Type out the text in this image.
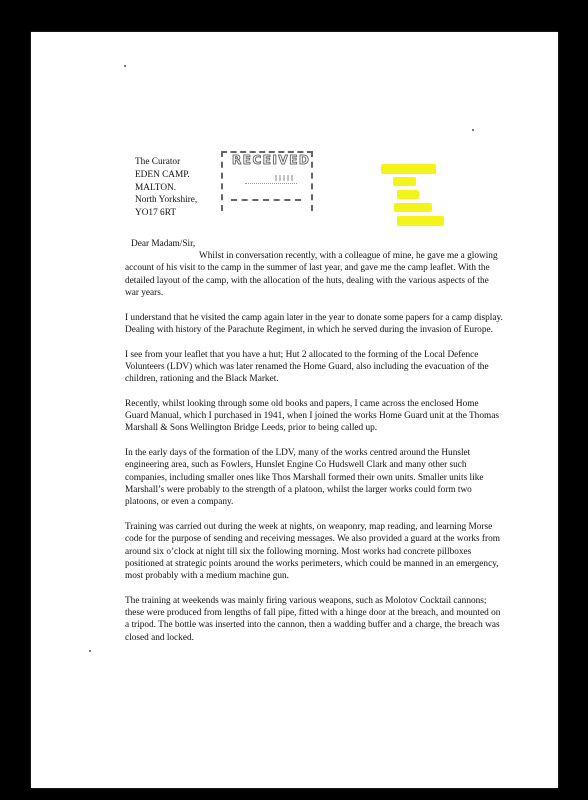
The Curator
EDEN CAMP.
MALTON.
North Yorkshire,
YO17 6RT
RECEIVED
Dear Madam/Sir,

Whilst in conversation recently, with a colleague of mine, he gave me a glowing account of his visit to the camp in the summer of last year, and gave me the camp leaflet. With the detailed layout of the camp, with the allocation of the huts, dealing with the various aspects of the war years.

I understand that he visited the camp again later in the year to donate some papers for a camp display. Dealing with history of the Parachute Regiment, in which he served during the invasion of Europe.

I see from your leaflet that you have a hut; Hut 2 allocated to the forming of the Local Defence Volunteers (LDV) which was later renamed the Home Guard, also including the evacuation of the children, rationing and the Black Market.

Recently, whilst looking through some old books and papers, I came across the enclosed Home Guard Manual, which I purchased in 1941, when I joined the works Home Guard unit at the Thomas Marshall & Sons Wellington Bridge Leeds, prior to being called up.

In the early days of the formation of the LDV, many of the works centred around the Hunslet engineering area, such as Fowlers, Hunslet Engine Co Hudswell Clark and many other such companies, including smaller ones like Thos Marshall formed their own units. Smaller units like Marshall’s were probably to the strength of a platoon, whilst the larger works could form two platoons, or even a company.

Training was carried out during the week at nights, on weaponry, map reading, and learning Morse code for the purpose of sending and receiving messages. We also provided a guard at the works from around six o’clock at night till six the following morning. Most works had concrete pillboxes positioned at strategic points around the works perimeters, which could be manned in an emergency, most probably with a medium machine gun.

The training at weekends was mainly firing various weapons, such as Molotov Cocktail cannons; these were produced from lengths of fall pipe, fitted with a hinge door at the breach, and mounted on a tripod. The bottle was inserted into the cannon, then a wadding buffer and a charge, the breach was closed and locked.
